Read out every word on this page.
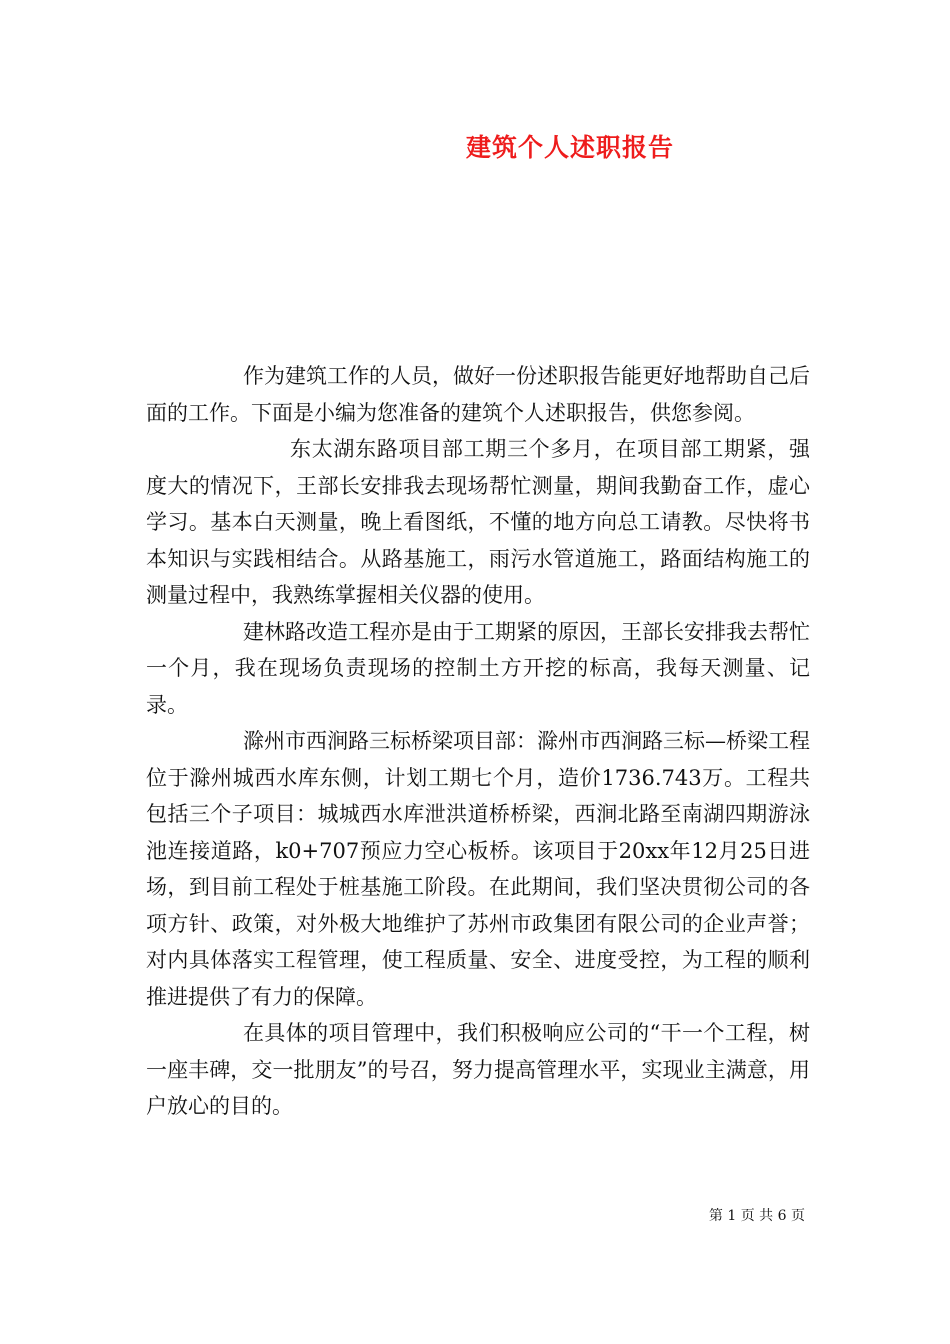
建筑个人述职报告

作为建筑工作的人员，做好一份述职报告能更好地帮助自己后面的工作。下面是小编为您准备的建筑个人述职报告，供您参阅。

东太湖东路项目部工期三个多月，在项目部工期紧，强度大的情况下，王部长安排我去现场帮忙测量，期间我勤奋工作，虚心学习。基本白天测量，晚上看图纸，不懂的地方向总工请教。尽快将书本知识与实践相结合。从路基施工，雨污水管道施工，路面结构施工的测量过程中，我熟练掌握相关仪器的使用。

建林路改造工程亦是由于工期紧的原因，王部长安排我去帮忙一个月，我在现场负责现场的控制土方开挖的标高，我每天测量、记录。

滁州市西涧路三标桥梁项目部：滁州市西涧路三标—桥梁工程位于滁州城西水库东侧，计划工期七个月，造价1736.743万。工程共包括三个子项目：城城西水库泄洪道桥桥梁，西涧北路至南湖四期游泳池连接道路，k0+707预应力空心板桥。该项目于20xx年12月25日进场，到目前工程处于桩基施工阶段。在此期间，我们坚决贯彻公司的各项方针、政策，对外极大地维护了苏州市政集团有限公司的企业声誉；对内具体落实工程管理，使工程质量、安全、进度受控，为工程的顺利推进提供了有力的保障。

在具体的项目管理中，我们积极响应公司的“干一个工程，树一座丰碑，交一批朋友”的号召，努力提高管理水平，实现业主满意，用户放心的目的。

第 1 页 共 6 页
